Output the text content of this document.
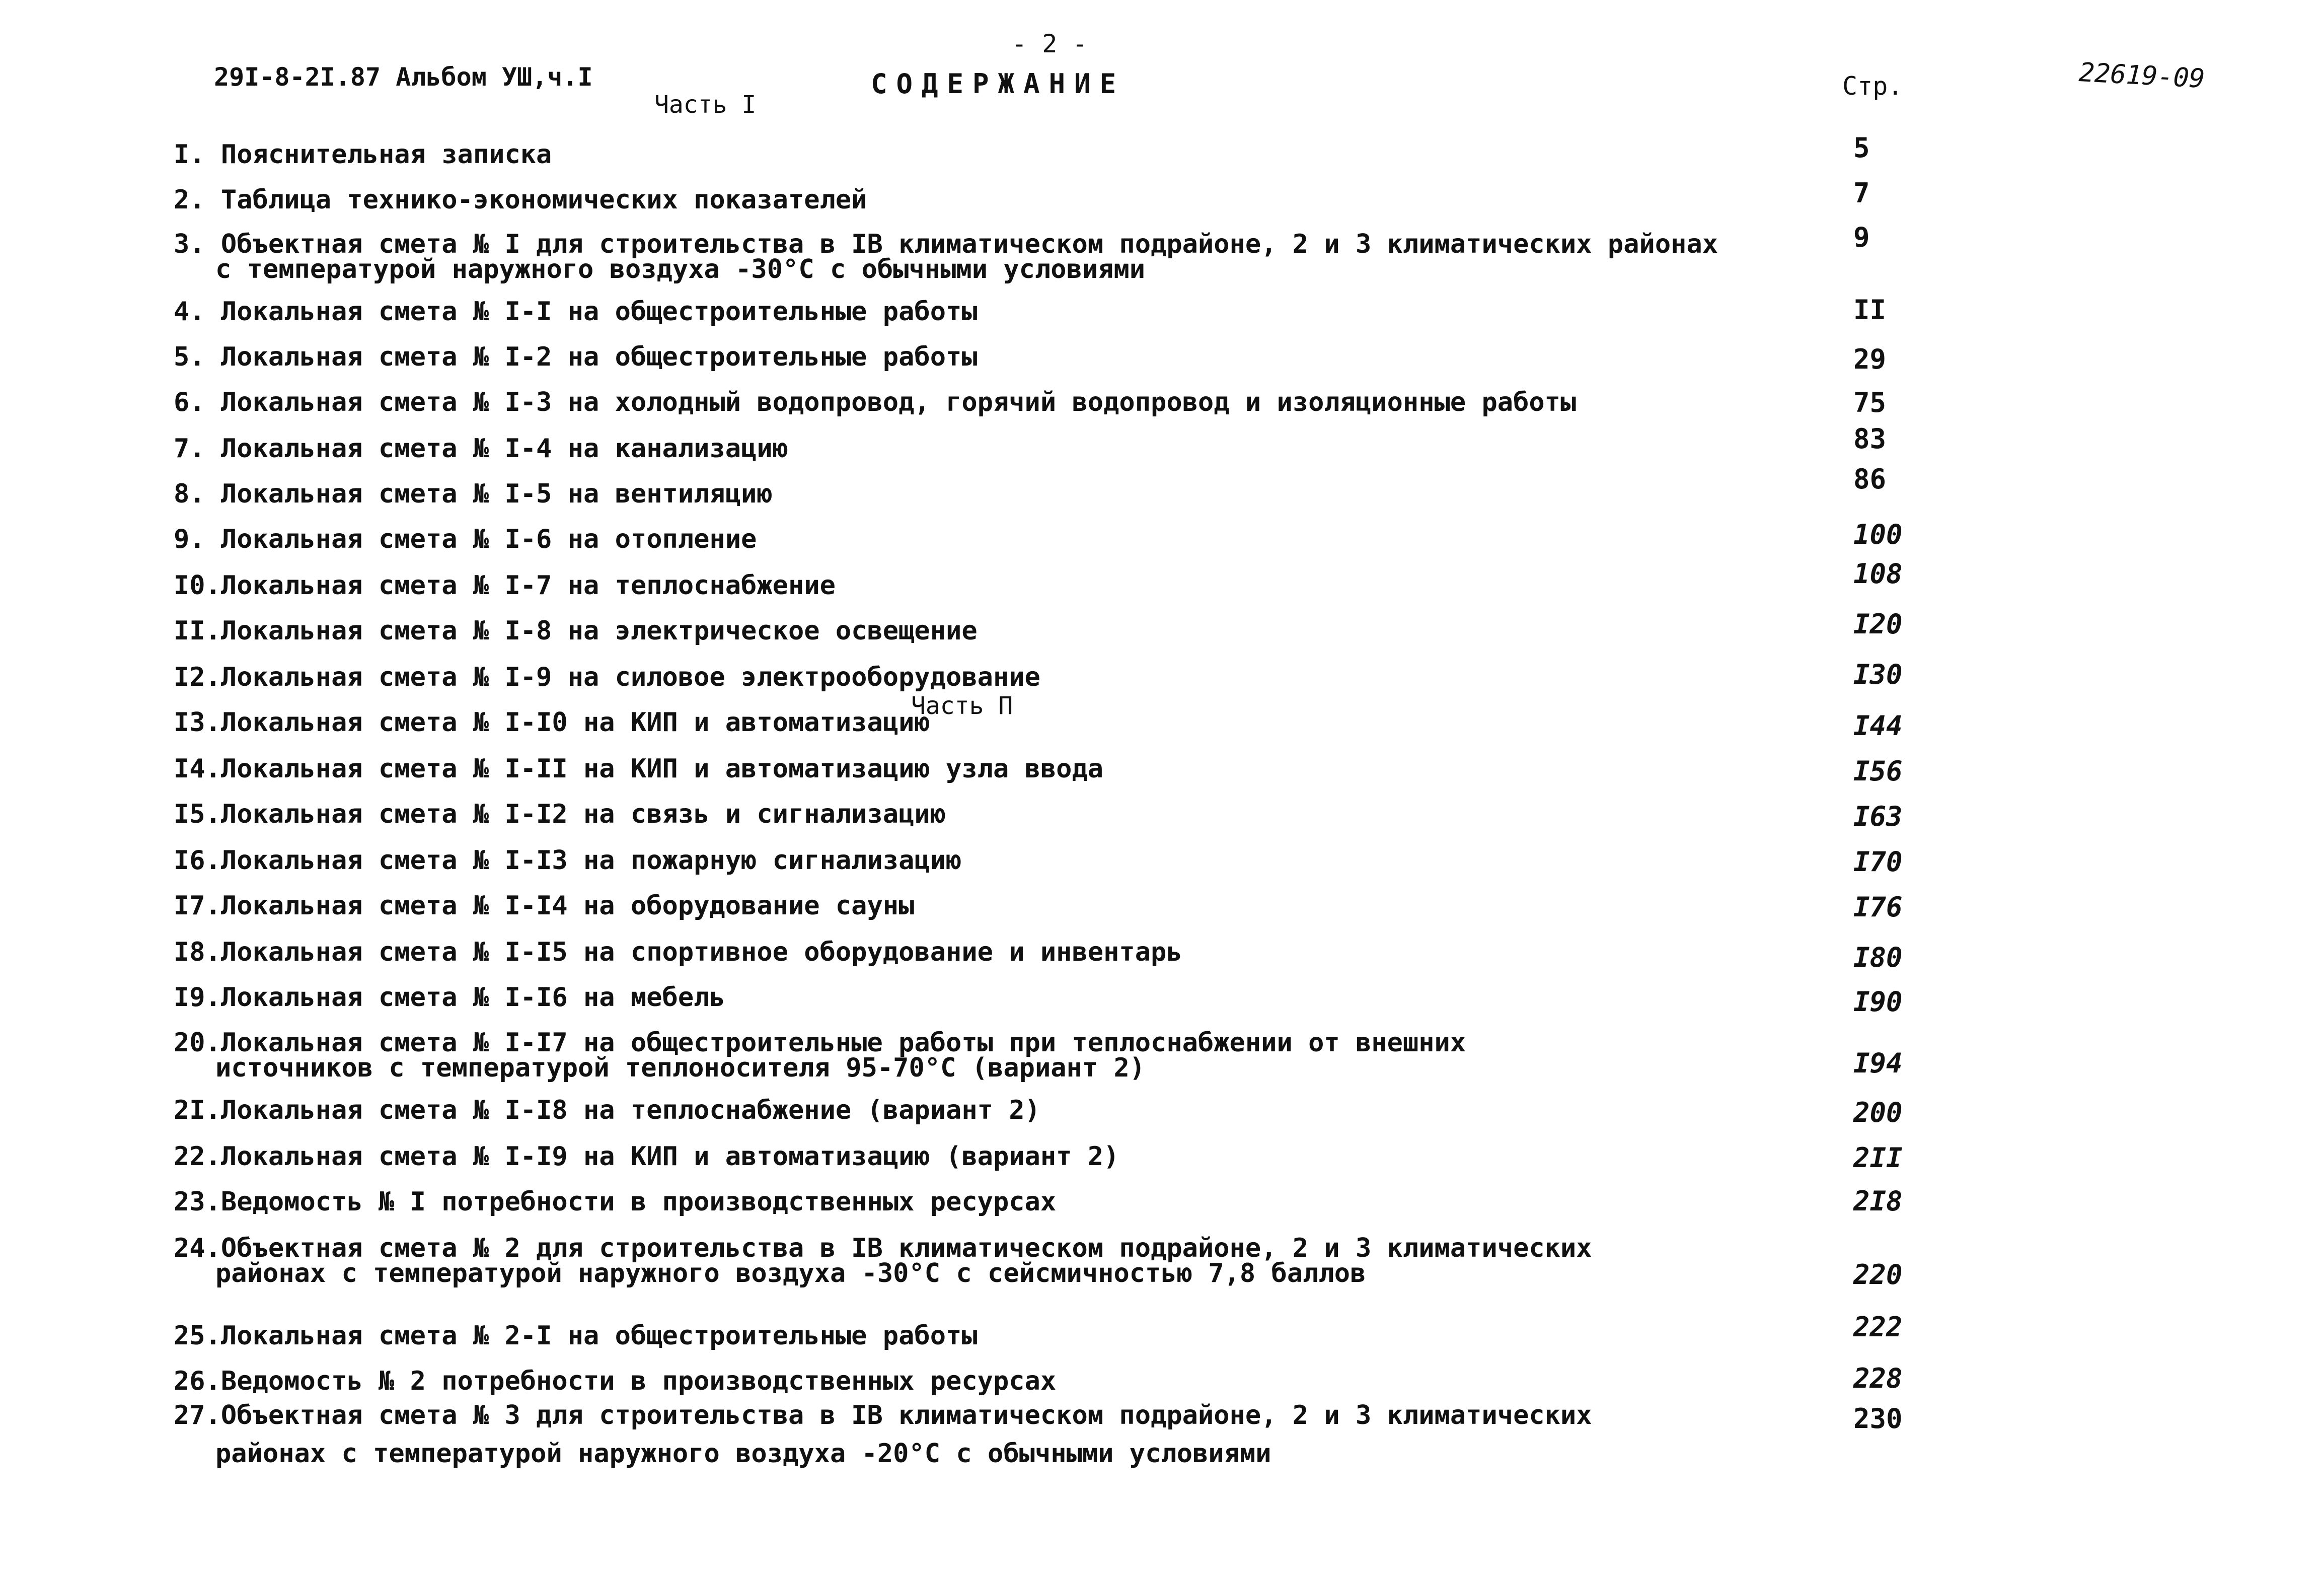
29I-8-2I.87 Альбом УШ,ч.I
- 2 -
СОДЕРЖАНИЕ
Часть I
Стр.	22619-09
Часть П
I. Пояснительная записка	5
2. Таблица технико-экономических показателей	7
3. Объектная смета № I для строительства в IВ климатическом подрайоне, 2 и 3 климатических районах
с температурой наружного воздуха -30°С с обычными условиями
9
4. Локальная смета № I-I на общестроительные работы	II
5. Локальная смета № I-2 на общестроительные работы	29
6. Локальная смета № I-3 на холодный водопровод, горячий водопровод и изоляционные работы	75
7. Локальная смета № I-4 на канализацию	83
8. Локальная смета № I-5 на вентиляцию	86
9. Локальная смета № I-6 на отопление	100
I0.Локальная смета № I-7 на теплоснабжение	108
II.Локальная смета № I-8 на электрическое освещение	I20
I2.Локальная смета № I-9 на силовое электрооборудование	I30
I3.Локальная смета № I-I0 на КИП и автоматизацию	I44
I4.Локальная смета № I-II на КИП и автоматизацию узла ввода	I56
I5.Локальная смета № I-I2 на связь и сигнализацию	I63
I6.Локальная смета № I-I3 на пожарную сигнализацию	I70
I7.Локальная смета № I-I4 на оборудование сауны	I76
I8.Локальная смета № I-I5 на спортивное оборудование и инвентарь	I80
I9.Локальная смета № I-I6 на мебель	I90
20.Локальная смета № I-I7 на общестроительные работы при теплоснабжении от внешних
источников с температурой теплоносителя 95-70°С (вариант 2)	I94
2I.Локальная смета № I-I8 на теплоснабжение (вариант 2)	200
22.Локальная смета № I-I9 на КИП и автоматизацию (вариант 2)	2II
23.Ведомость № I потребности в производственных ресурсах	2I8
24.Объектная смета № 2 для строительства в IВ климатическом подрайоне, 2 и 3 климатических
районах с температурой наружного воздуха -30°С с сейсмичностью 7,8 баллов	220
25.Локальная смета № 2-I на общестроительные работы	222
26.Ведомость № 2 потребности в производственных ресурсах	228
27.Объектная смета № 3 для строительства в IВ климатическом подрайоне, 2 и 3 климатических
районах с температурой наружного воздуха -20°С с обычными условиями
230
